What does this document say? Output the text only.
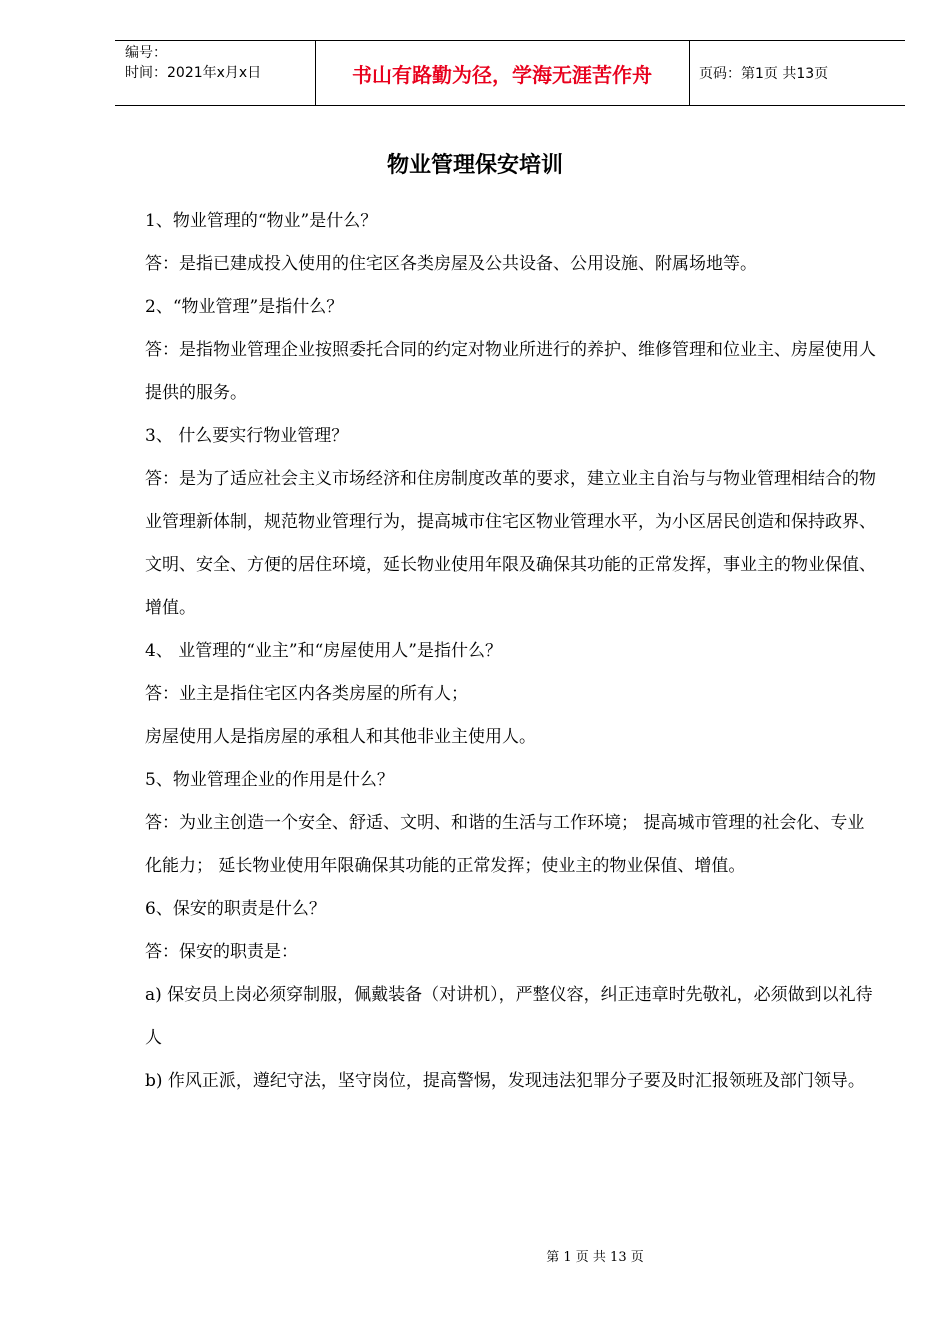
编号：
时间：2021年x月x日	书山有路勤为径，学海无涯苦作舟	页码：第1页 共13页
物业管理保安培训

1、物业管理的“物业”是什么？

答：是指已建成投入使用的住宅区各类房屋及公共设备、公用设施、附属场地等。

2、“物业管理”是指什么？

答：是指物业管理企业按照委托合同的约定对物业所进行的养护、维修管理和位业主、房屋使用人提供的服务。

3、 什么要实行物业管理？

答：是为了适应社会主义市场经济和住房制度改革的要求，建立业主自治与与物业管理相结合的物业管理新体制，规范物业管理行为，提高城市住宅区物业管理水平，为小区居民创造和保持政界、文明、安全、方便的居住环境，延长物业使用年限及确保其功能的正常发挥，事业主的物业保值、增值。

4、 业管理的“业主”和“房屋使用人”是指什么？

答：业主是指住宅区内各类房屋的所有人；

房屋使用人是指房屋的承租人和其他非业主使用人。

5、物业管理企业的作用是什么？

答：为业主创造一个安全、舒适、文明、和谐的生活与工作环境； 提高城市管理的社会化、专业化能力； 延长物业使用年限确保其功能的正常发挥；使业主的物业保值、增值。

6、保安的职责是什么？

答：保安的职责是：

a) 保安员上岗必须穿制服，佩戴装备（对讲机），严整仪容，纠正违章时先敬礼，必须做到以礼待人

b) 作风正派，遵纪守法，坚守岗位，提高警惕，发现违法犯罪分子要及时汇报领班及部门领导。

第 1 页 共 13 页
